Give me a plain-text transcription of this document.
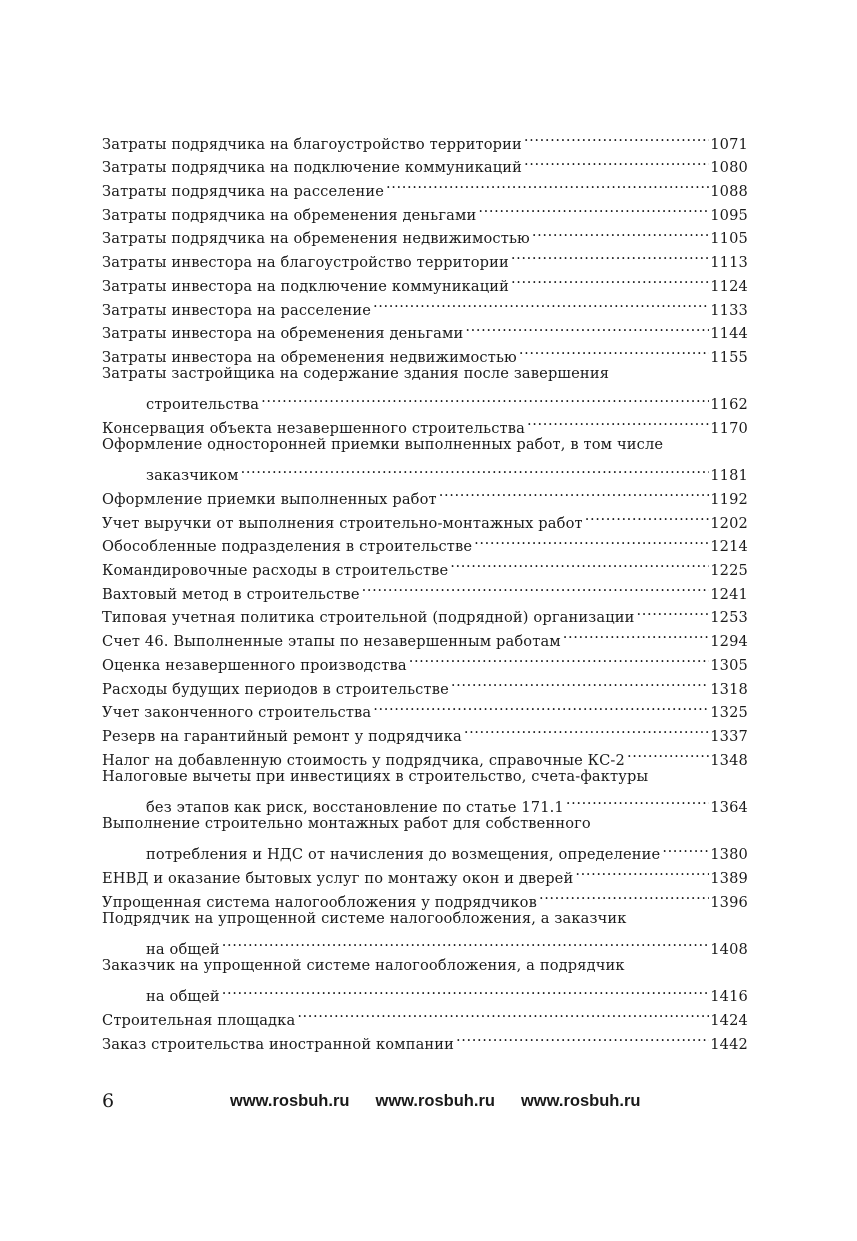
Затраты подрядчика на благоустройство территории .....	1071
Затраты подрядчика на подключение коммуникаций .....	1080
Затраты подрядчика на расселение .....	1088
Затраты подрядчика на обременения деньгами .....	1095
Затраты подрядчика на обременения недвижимостью .....	1105
Затраты инвестора на благоустройство территории .....	1113
Затраты инвестора на подключение коммуникаций .....	1124
Затраты инвестора на расселение .....	1133
Затраты инвестора на обременения деньгами .....	1144
Затраты инвестора на обременения недвижимостью .....	1155
Затраты застройщика на содержание здания после завершения
строительства .....	1162
Консервация объекта незавершенного строительства .....	1170
Оформление односторонней приемки выполненных работ, в том числе
заказчиком .....	1181
Оформление приемки выполненных работ .....	1192
Учет выручки от выполнения строительно-монтажных работ .....	1202
Обособленные подразделения в строительстве .....	1214
Командировочные расходы в строительстве .....	1225
Вахтовый метод в строительстве .....	1241
Типовая учетная политика строительной (подрядной) организации .....	1253
Счет 46. Выполненные этапы по незавершенным работам .....	1294
Оценка незавершенного производства .....	1305
Расходы будущих периодов в строительстве .....	1318
Учет законченного строительства .....	1325
Резерв на гарантийный ремонт у подрядчика .....	1337
Налог на добавленную стоимость у подрядчика, справочные КС-2 .....	1348
Налоговые вычеты при инвестициях в строительство, счета-фактуры
без этапов как риск, восстановление по статье 171.1 .....	1364
Выполнение строительно монтажных работ для собственного
потребления и НДС от начисления до возмещения, определение .....	1380
ЕНВД и оказание бытовых услуг по монтажу окон и дверей .....	1389
Упрощенная система налогообложения у подрядчиков .....	1396
Подрядчик на упрощенной системе налогообложения, а заказчик
на общей .....	1408
Заказчик на упрощенной системе налогообложения, а подрядчик
на общей .....	1416
Строительная площадка .....	1424
Заказ строительства иностранной компании .....	1442
6	www.rosbuh.ru www.rosbuh.ru www.rosbuh.ru
